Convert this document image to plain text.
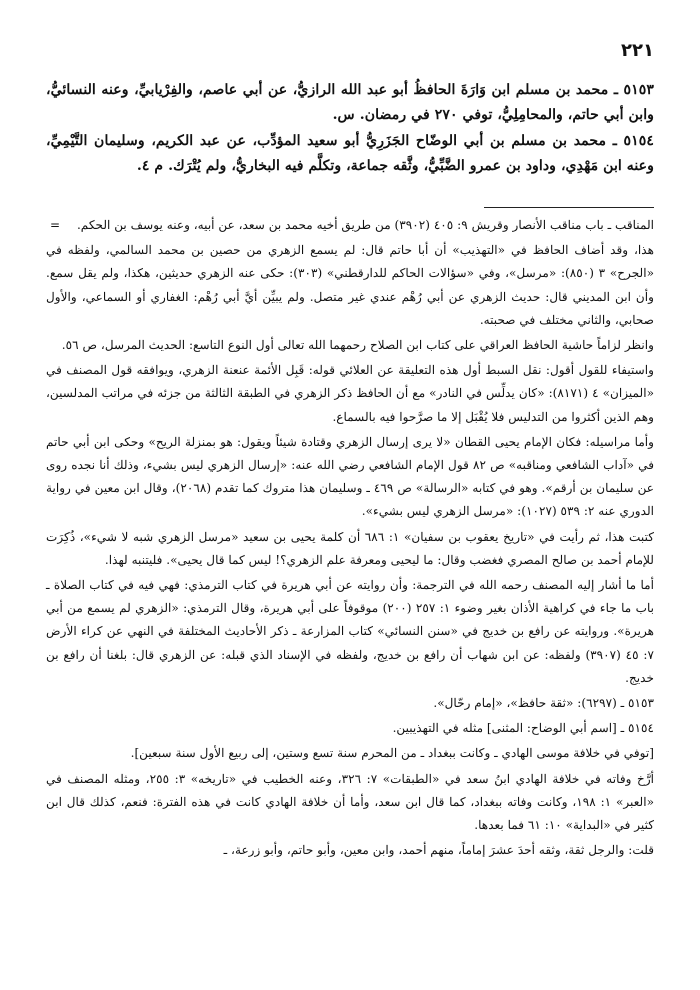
٢٢١

٥١٥٣ ـ محمد بن مسلم ابن وَارَةَ الحافظُ أبو عبد الله الرازيُّ، عن أبي عاصم، والفِرْيابيِّ، وعنه النسائيُّ، وابن أبي حاتم، والمحامِلِيُّ، توفي ٢٧٠ في رمضان. س.

٥١٥٤ ـ محمد بن مسلم بن أبي الوضّاح الجَزَرِيُّ أبو سعيد المؤدِّب، عن عبد الكريم، وسليمان التَّيْمِيِّ، وعنه ابن مَهْدِي، وداود بن عمرو الضَّبِّيُّ، وثَّقه جماعة، وتكلَّم فيه البخاريُّ، ولم يُتْرَك. م ٤.

=	المناقب ـ باب مناقب الأنصار وقريش ٩: ٤٠٥ (٣٩٠٢) من طريق أخيه محمد بن سعد، عن أبيه، وعنه يوسف بن الحكم.

هذا، وقد أضاف الحافظ في «التهذيب» أن أبا حاتم قال: لم يسمع الزهري من حصين بن محمد السالمي، ولفظه في «الجرح» ٣ (٨٥٠): «مرسل»، وفي «سؤالات الحاكم للدارقطني» (٣٠٣): حكى عنه الزهري حديثين، هكذا، ولم يقل سمع. وأن ابن المديني قال: حديث الزهري عن أبي رُهْم عندي غير متصل. ولم يبيِّن أيَّ أبي رُهْم: الغفاري أو السماعي، والأول صحابي، والثاني مختلف في صحبته.

وانظر لزاماً حاشية الحافظ العراقي على كتاب ابن الصلاح رحمهما الله تعالى أول النوع التاسع: الحديث المرسل، ص ٥٦.

واستيفاء للقول أقول: نقل السبط أول هذه التعليقة عن العلائي قوله: قَبِل الأئمة عنعنة الزهري، ويوافقه قول المصنف في «الميزان» ٤ (٨١٧١): «كان يدلِّس في النادر» مع أن الحافظ ذكر الزهري في الطبقة الثالثة من جزئه في مراتب المدلسين، وهم الذين أكثروا من التدليس فلا يُقْبَل إلا ما صرَّحوا فيه بالسماع.

وأما مراسيله: فكان الإمام يحيى القطان «لا يرى إرسال الزهري وقتادة شيئاً ويقول: هو بمنزلة الريح» وحكى ابن أبي حاتم في «آداب الشافعي ومناقبه» ص ٨٢ قول الإمام الشافعي رضي الله عنه: «إرسال الزهري ليس بشيء، وذلك أنا نجده روى عن سليمان بن أرقم». وهو في كتابه «الرسالة» ص ٤٦٩ ـ وسليمان هذا متروك كما تقدم (٢٠٦٨)، وقال ابن معين في رواية الدوري عنه ٢: ٥٣٩ (١٠٢٧): «مرسل الزهري ليس بشيء».

كتبت هذا، ثم رأيت في «تاريخ يعقوب بن سفيان» ١: ٦٨٦ أن كلمة يحيى بن سعيد «مرسل الزهري شبه لا شيء»، ذُكِرَت للإمام أحمد بن صالح المصري فغضب وقال: ما ليحيى ومعرفة علم الزهري؟! ليس كما قال يحيى». فليتنبه لهذا.

أما ما أشار إليه المصنف رحمه الله في الترجمة: وأن روايته عن أبي هريرة في كتاب الترمذي: فهي فيه في كتاب الصلاة ـ باب ما جاء في كراهية الأذان بغير وضوء ١: ٢٥٧ (٢٠٠) موقوفاً على أبي هريرة، وقال الترمذي: «الزهري لم يسمع من أبي هريرة». وروايته عن رافع بن خديج في «سنن النسائي» كتاب المزارعة ـ ذكر الأحاديث المختلفة في النهي عن كراء الأرض ٧: ٤٥ (٣٩٠٧) ولفظه: عن ابن شهاب أن رافع بن خديج، ولفظه في الإسناد الذي قبله: عن الزهري قال: بلغنا أن رافع بن خديج.

٥١٥٣ ـ (٦٢٩٧): «ثقة حافظ»، «إمام رحّال».

٥١٥٤ ـ [اسم أبي الوضاح: المثنى] مثله في التهذيبين.

[توفي في خلافة موسى الهادي ـ وكانت ببغداد ـ من المحرم سنة تسع وستين، إلى ربيع الأول سنة سبعين].

أرَّخ وفاته في خلافة الهادي ابنُ سعد في «الطبقات» ٧: ٣٢٦، وعنه الخطيب في «تاريخه» ٣: ٢٥٥، ومثله المصنف في «العبر» ١: ١٩٨، وكانت وفاته ببغداد، كما قال ابن سعد، وأما أن خلافة الهادي كانت في هذه الفترة: فنعم، كذلك قال ابن كثير في «البداية» ١٠: ٦١ فما بعدها.

قلت: والرجل ثقة، وثقه أحدَ عشرَ إماماً، منهم أحمد، وابن معين، وأبو حاتم، وأبو زرعة، ـ
